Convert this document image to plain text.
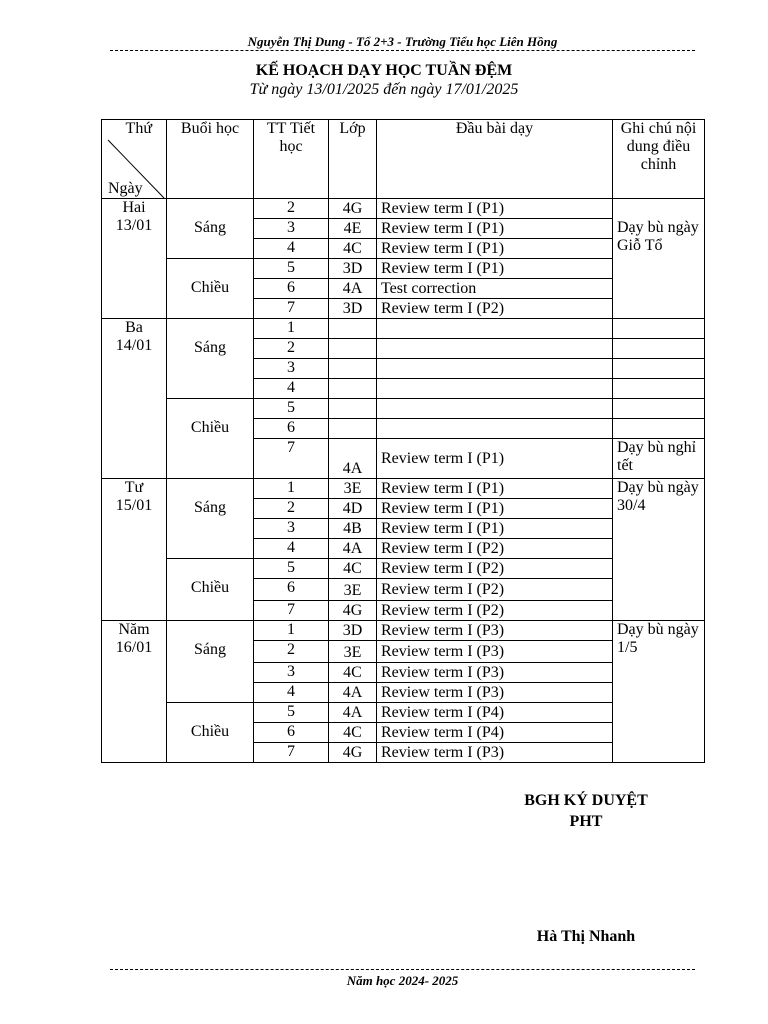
Nguyễn Thị Dung - Tổ 2+3 - Trường Tiểu học Liên Hồng
KẾ HOẠCH DẠY HỌC TUẦN ĐỆM
Từ ngày 13/01/2025 đến ngày 17/01/2025
Thứ
Ngày	Buổi học	TT Tiết học	Lớp	Đầu bài dạy	Ghi chú nội dung điều chỉnh
Hai 13/01	Sáng	2	4G	Review term I (P1)	Dạy bù ngày Giỗ Tổ
		3	4E	Review term I (P1)	
		4	4C	Review term I (P1)	
	Chiều	5	3D	Review term I (P1)	
		6	4A	Test correction	
		7	3D	Review term I (P2)	
Ba 14/01	Sáng	1			
		2			
		3			
		4			
	Chiều	5			
		6			
		7	4A	Review term I (P1)	Dạy bù nghỉ tết
Tư 15/01	Sáng	1	3E	Review term I (P1)	Dạy bù ngày 30/4
		2	4D	Review term I (P1)	
		3	4B	Review term I (P1)	
		4	4A	Review term I (P2)	
	Chiều	5	4C	Review term I (P2)	
		6	3E	Review term I (P2)	
		7	4G	Review term I (P2)	
Năm 16/01	Sáng	1	3D	Review term I (P3)	Dạy bù ngày 1/5
		2	3E	Review term I (P3)	
		3	4C	Review term I (P3)	
		4	4A	Review term I (P3)	
	Chiều	5	4A	Review term I (P4)	
		6	4C	Review term I (P4)	
		7	4G	Review term I (P3)	
BGH KÝ DUYỆT
PHT
Hà Thị Nhanh
Năm học 2024- 2025
